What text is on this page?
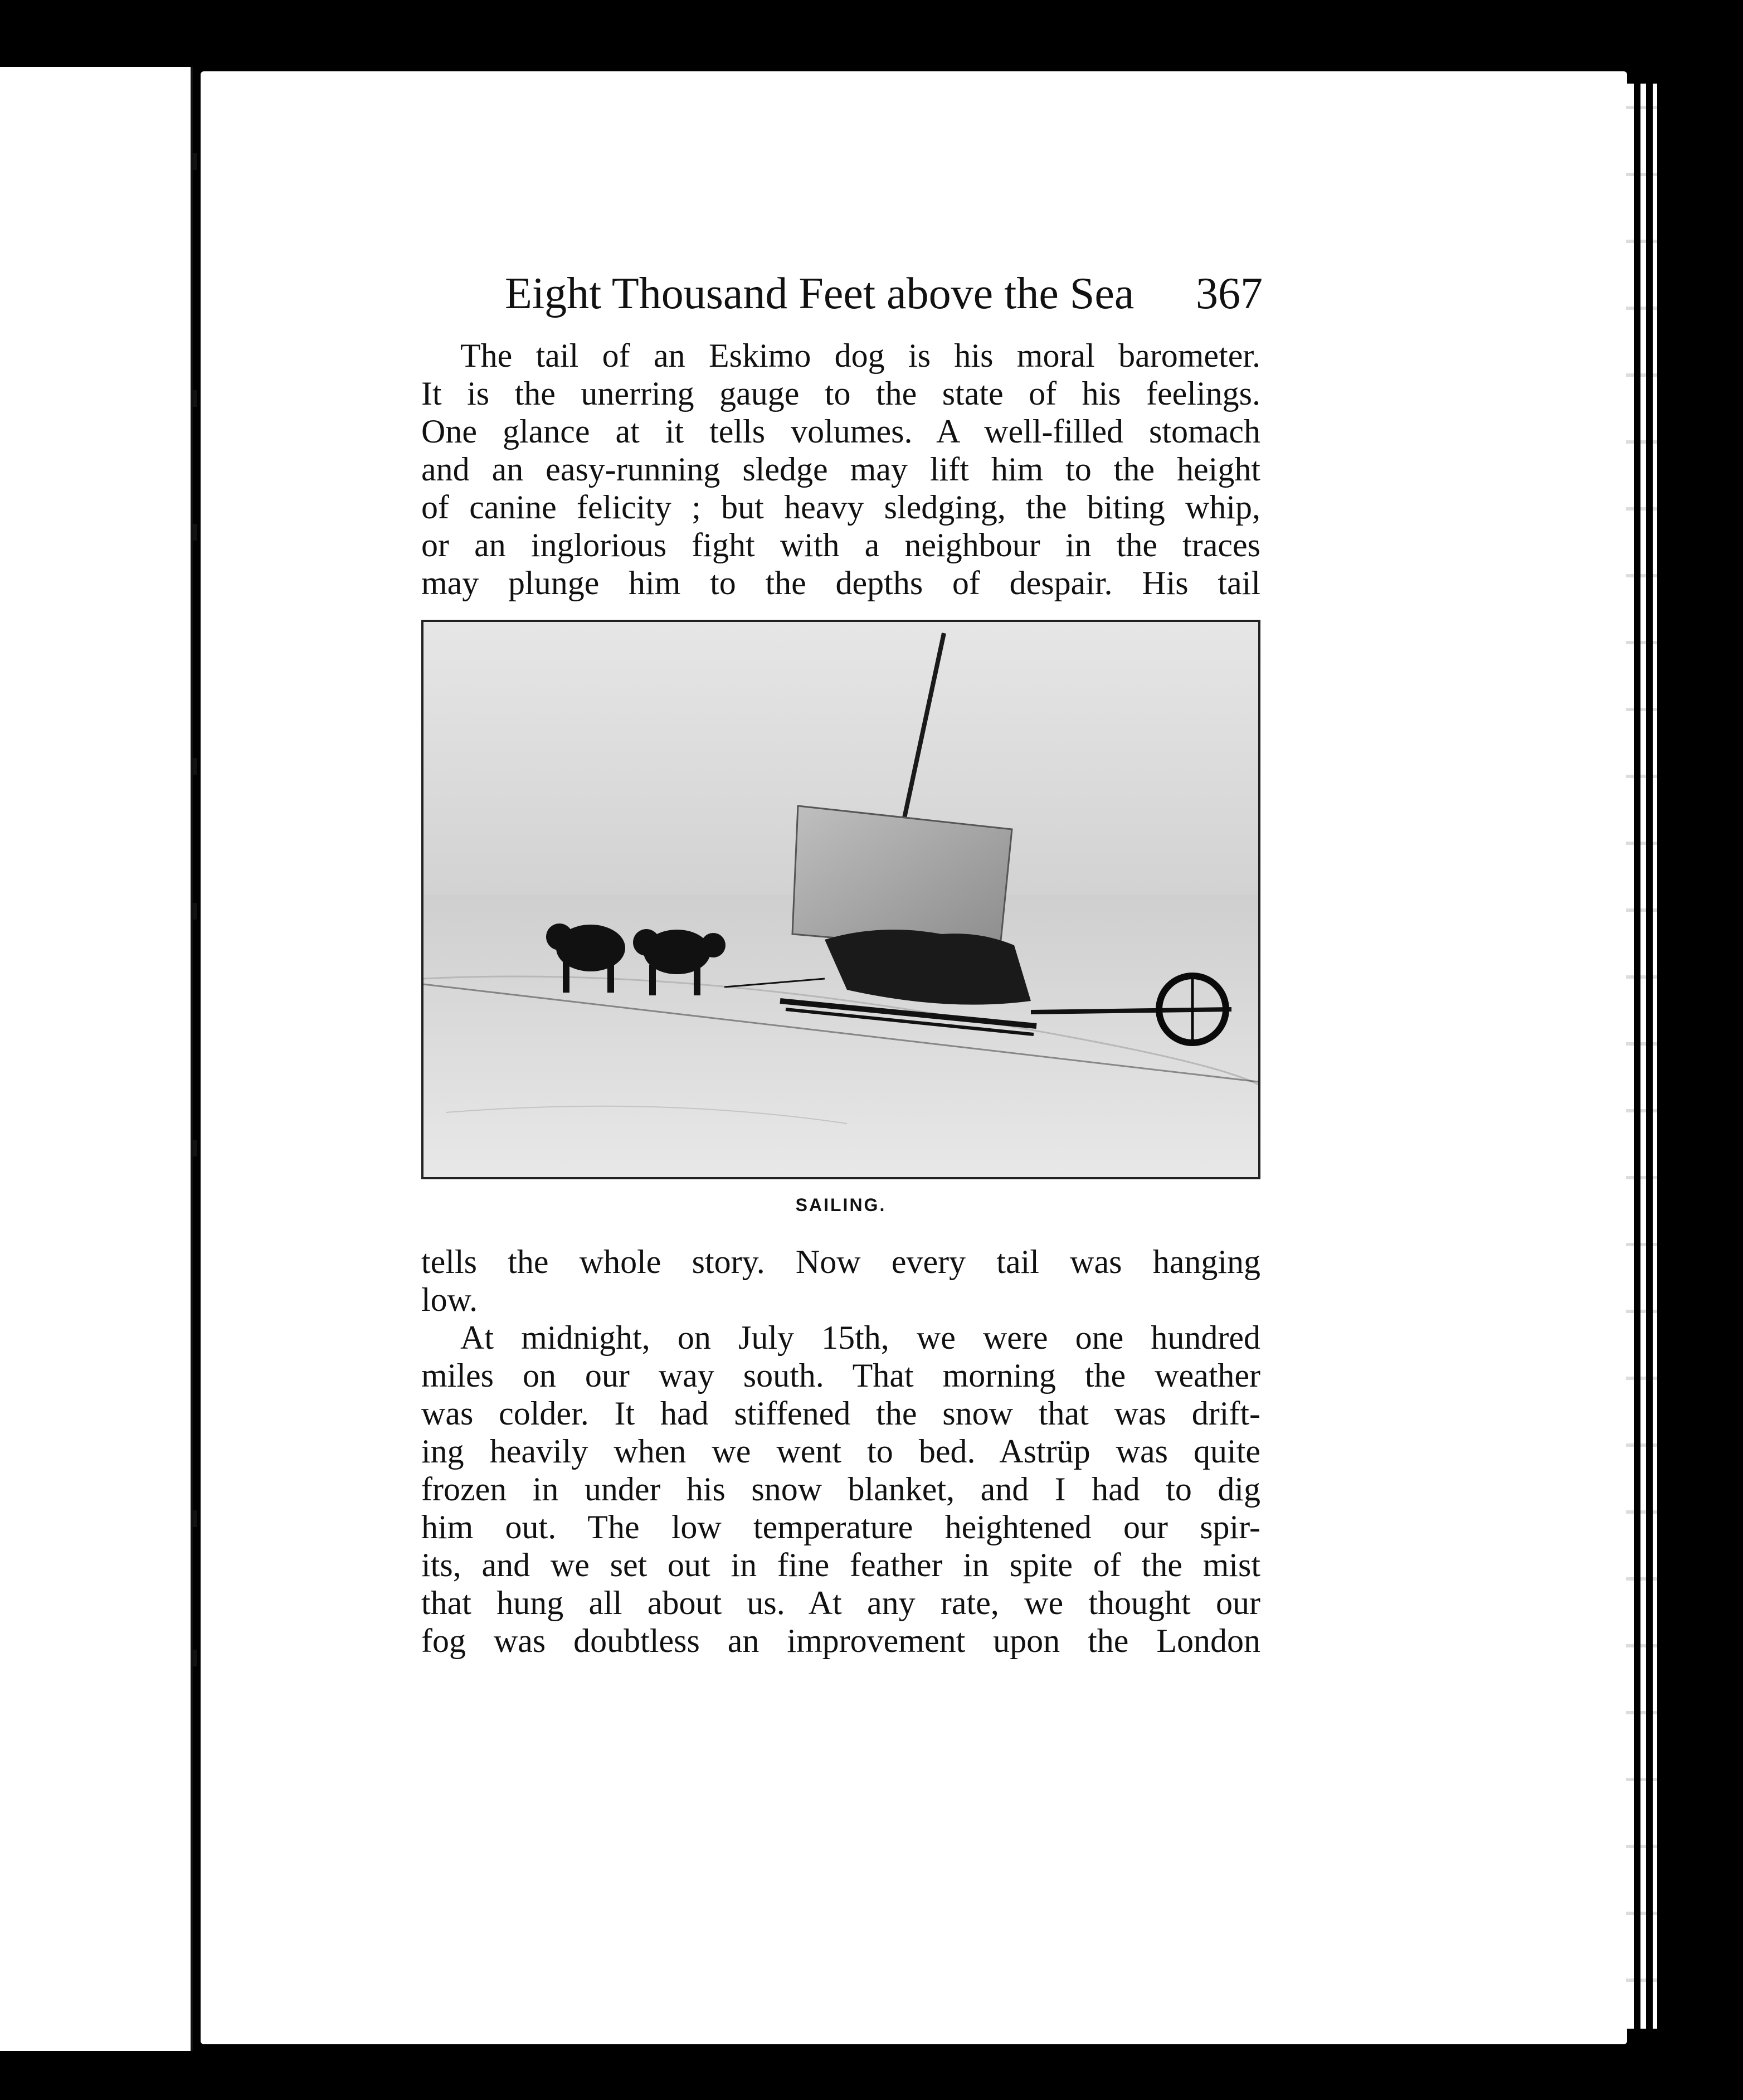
Eight Thousand Feet above the Sea 367
The tail of an Eskimo dog is his moral barometer.
It is the unerring gauge to the state of his feelings.
One glance at it tells volumes. A well-filled stomach
and an easy-running sledge may lift him to the height
of canine felicity ; but heavy sledging, the biting whip,
or an inglorious fight with a neighbour in the traces
may plunge him to the depths of despair. His tail
SAILING.
tells the whole story. Now every tail was hanging
low.
At midnight, on July 15th, we were one hundred
miles on our way south. That morning the weather
was colder. It had stiffened the snow that was drift-
ing heavily when we went to bed. Astrüp was quite
frozen in under his snow blanket, and I had to dig
him out. The low temperature heightened our spir-
its, and we set out in fine feather in spite of the mist
that hung all about us. At any rate, we thought our
fog was doubtless an improvement upon the London
